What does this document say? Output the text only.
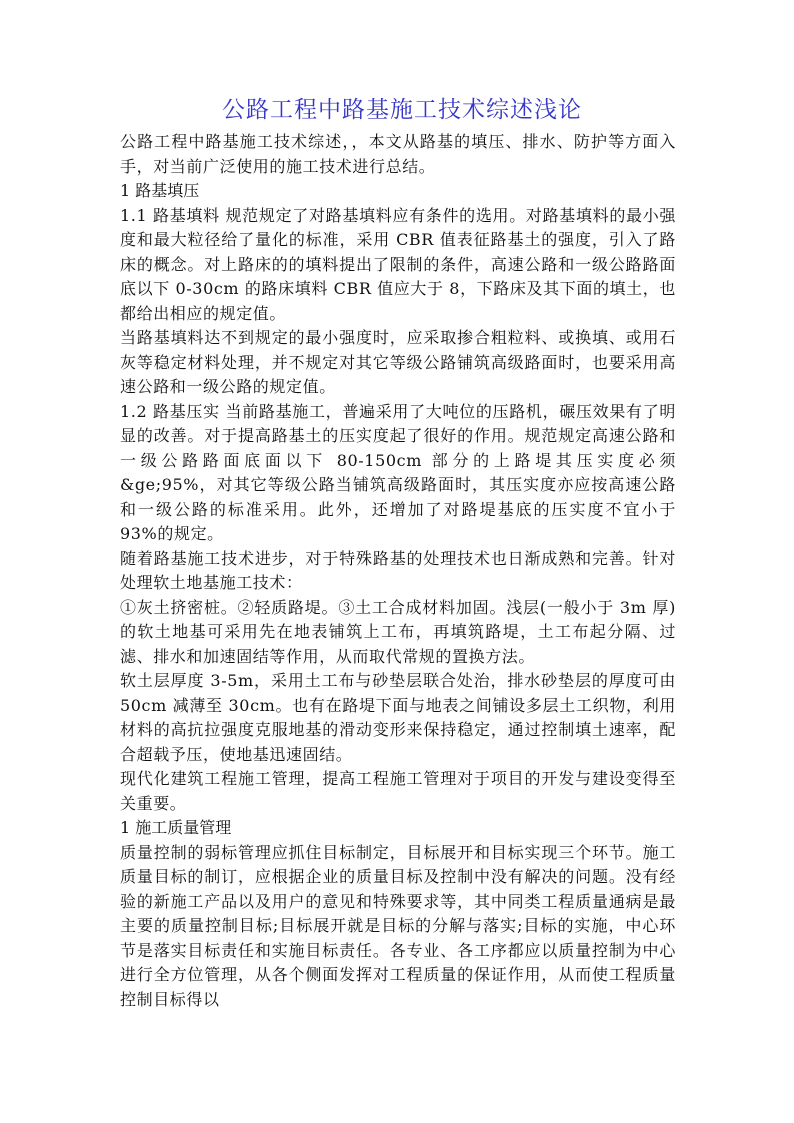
公路工程中路基施工技术综述浅论

公路工程中路基施工技术综述，，本文从路基的填压、排水、防护等方面入手，对当前广泛使用的施工技术进行总结。

1 路基填压

1.1 路基填料 规范规定了对路基填料应有条件的选用。对路基填料的最小强度和最大粒径给了量化的标准，采用 CBR 值表征路基土的强度，引入了路床的概念。对上路床的的填料提出了限制的条件，高速公路和一级公路路面底以下 0-30cm 的路床填料 CBR 值应大于 8，下路床及其下面的填土，也都给出相应的规定值。

当路基填料达不到规定的最小强度时，应采取掺合粗粒料、或换填、或用石灰等稳定材料处理，并不规定对其它等级公路铺筑高级路面时，也要采用高速公路和一级公路的规定值。

1.2 路基压实 当前路基施工，普遍采用了大吨位的压路机，碾压效果有了明显的改善。对于提高路基土的压实度起了很好的作用。规范规定高速公路和一级公路路面底面以下 80-150cm 部分的上路堤其压实度必须&ge;95%，对其它等级公路当铺筑高级路面时，其压实度亦应按高速公路和一级公路的标准采用。此外，还增加了对路堤基底的压实度不宜小于 93%的规定。

随着路基施工技术进步，对于特殊路基的处理技术也日渐成熟和完善。针对处理软土地基施工技术：

①灰土挤密桩。②轻质路堤。③土工合成材料加固。浅层(一般小于 3m 厚)的软土地基可采用先在地表铺筑上工布，再填筑路堤，土工布起分隔、过滤、排水和加速固结等作用，从而取代常规的置换方法。

软土层厚度 3-5m，采用土工布与砂垫层联合处治，排水砂垫层的厚度可由 50cm 减薄至 30cm。也有在路堤下面与地表之间铺设多层土工织物，利用材料的高抗拉强度克服地基的滑动变形来保持稳定，通过控制填土速率，配合超载予压，使地基迅速固结。

现代化建筑工程施工管理，提高工程施工管理对于项目的开发与建设变得至关重要。

1 施工质量管理

质量控制的弱标管理应抓住目标制定，目标展开和目标实现三个环节。施工质量目标的制订，应根据企业的质量目标及控制中没有解决的问题。没有经验的新施工产品以及用户的意见和特殊要求等，其中同类工程质量通病是最主要的质量控制目标;目标展开就是目标的分解与落实;目标的实施，中心环节是落实目标责任和实施目标责任。各专业、各工序都应以质量控制为中心进行全方位管理，从各个侧面发挥对工程质量的保证作用，从而使工程质量控制目标得以
